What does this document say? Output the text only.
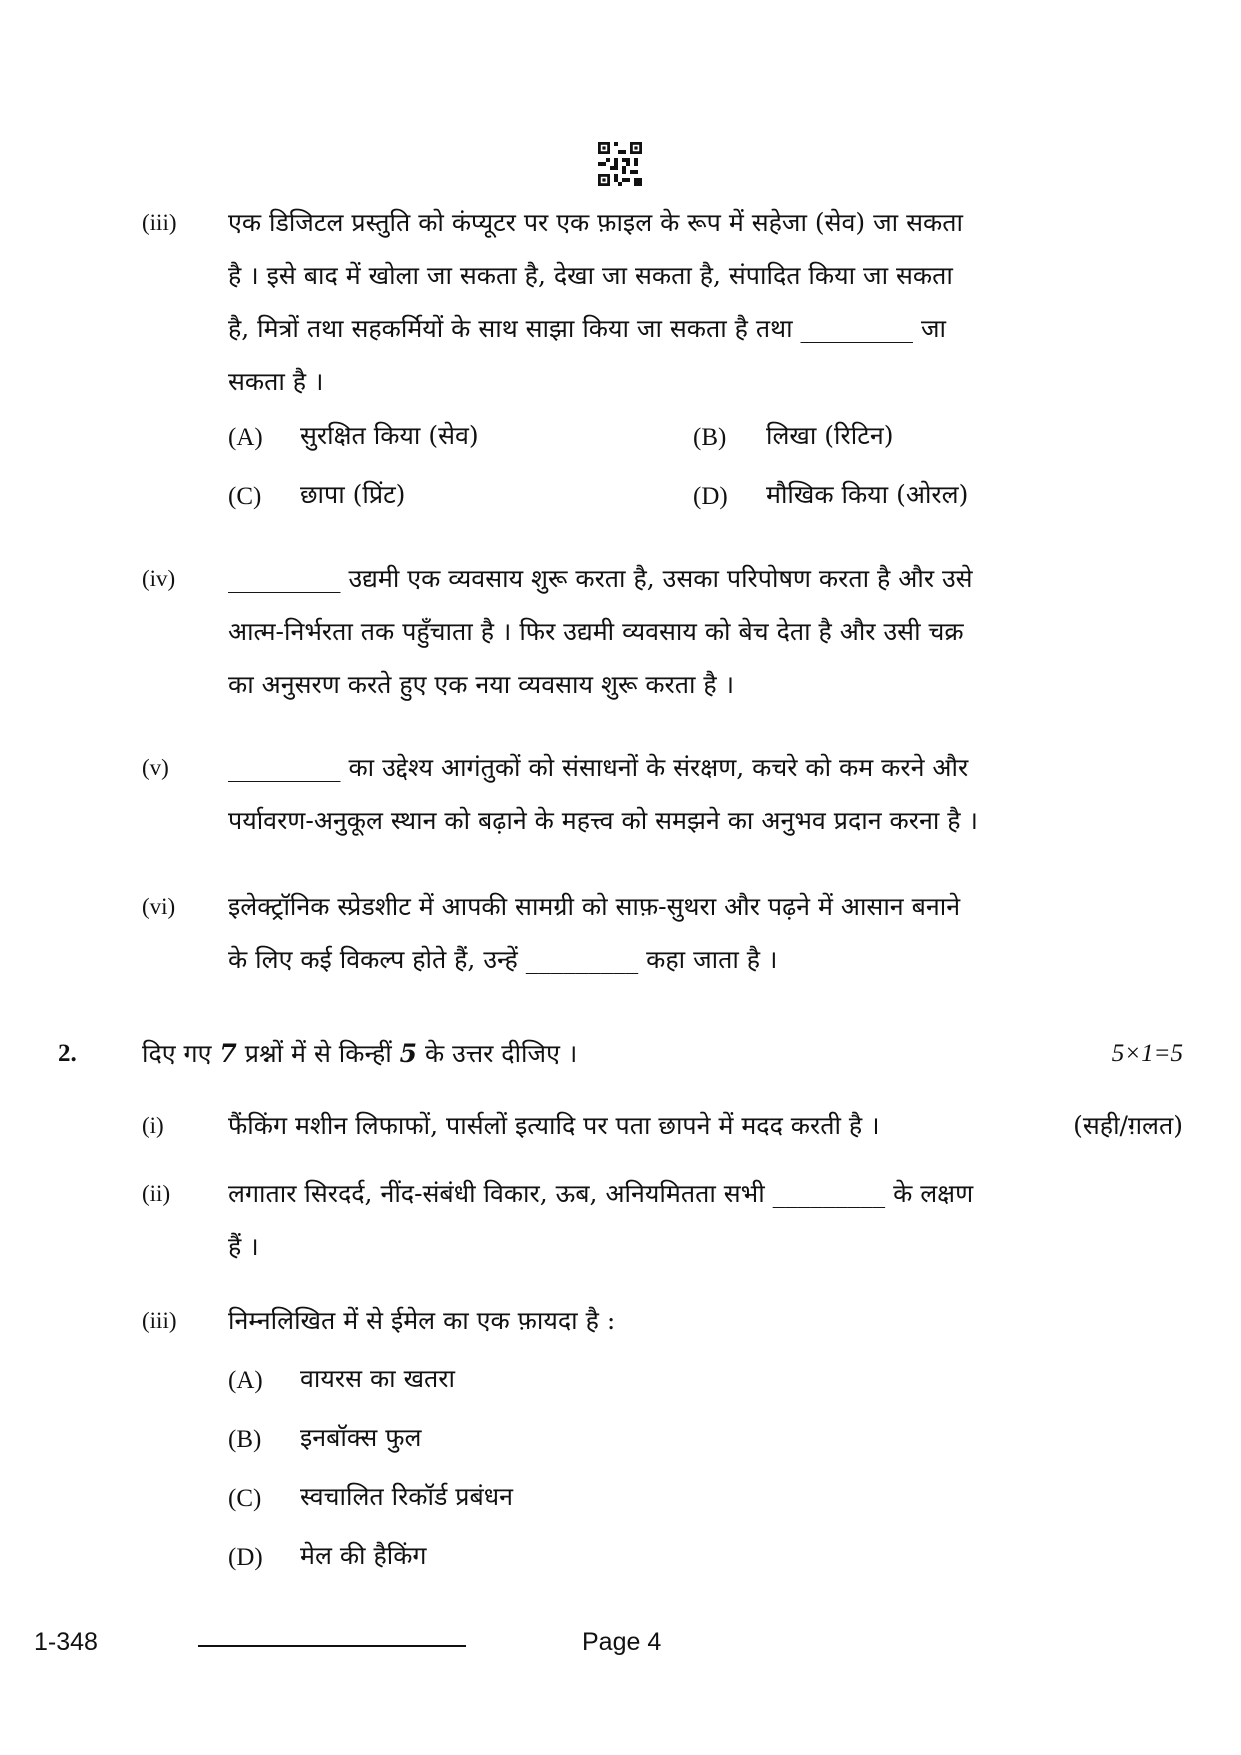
(iii) एक डिजिटल प्रस्तुति को कंप्यूटर पर एक फ़ाइल के रूप में सहेजा (सेव) जा सकता
है । इसे बाद में खोला जा सकता है, देखा जा सकता है, संपादित किया जा सकता
है, मित्रों तथा सहकर्मियों के साथ साझा किया जा सकता है तथा _________ जा
सकता है ।
(A) सुरक्षित किया (सेव)	(B) लिखा (रिटिन)
(C) छापा (प्रिंट)	(D) मौखिक किया (ओरल)
(iv) _________ उद्यमी एक व्यवसाय शुरू करता है, उसका परिपोषण करता है और उसे
आत्म-निर्भरता तक पहुँचाता है । फिर उद्यमी व्यवसाय को बेच देता है और उसी चक्र
का अनुसरण करते हुए एक नया व्यवसाय शुरू करता है ।
(v) _________ का उद्देश्य आगंतुकों को संसाधनों के संरक्षण, कचरे को कम करने और
पर्यावरण-अनुकूल स्थान को बढ़ाने के महत्त्व को समझने का अनुभव प्रदान करना है ।
(vi) इलेक्ट्रॉनिक स्प्रेडशीट में आपकी सामग्री को साफ़-सुथरा और पढ़ने में आसान बनाने
के लिए कई विकल्प होते हैं, उन्हें _________ कहा जाता है ।
2.	दिए गए 7 प्रश्नों में से किन्हीं 5 के उत्तर दीजिए ।	5×1=5
(i)	फैंकिंग मशीन लिफाफों, पार्सलों इत्यादि पर पता छापने में मदद करती है ।	(सही/ग़लत)
(ii) लगातार सिरदर्द, नींद-संबंधी विकार, ऊब, अनियमितता सभी _________ के लक्षण
हैं ।
(iii) निम्नलिखित में से ईमेल का एक फ़ायदा है :
(A) वायरस का खतरा
(B) इनबॉक्स फुल
(C) स्वचालित रिकॉर्ड प्रबंधन
(D) मेल की हैकिंग
1-348	Page 4
